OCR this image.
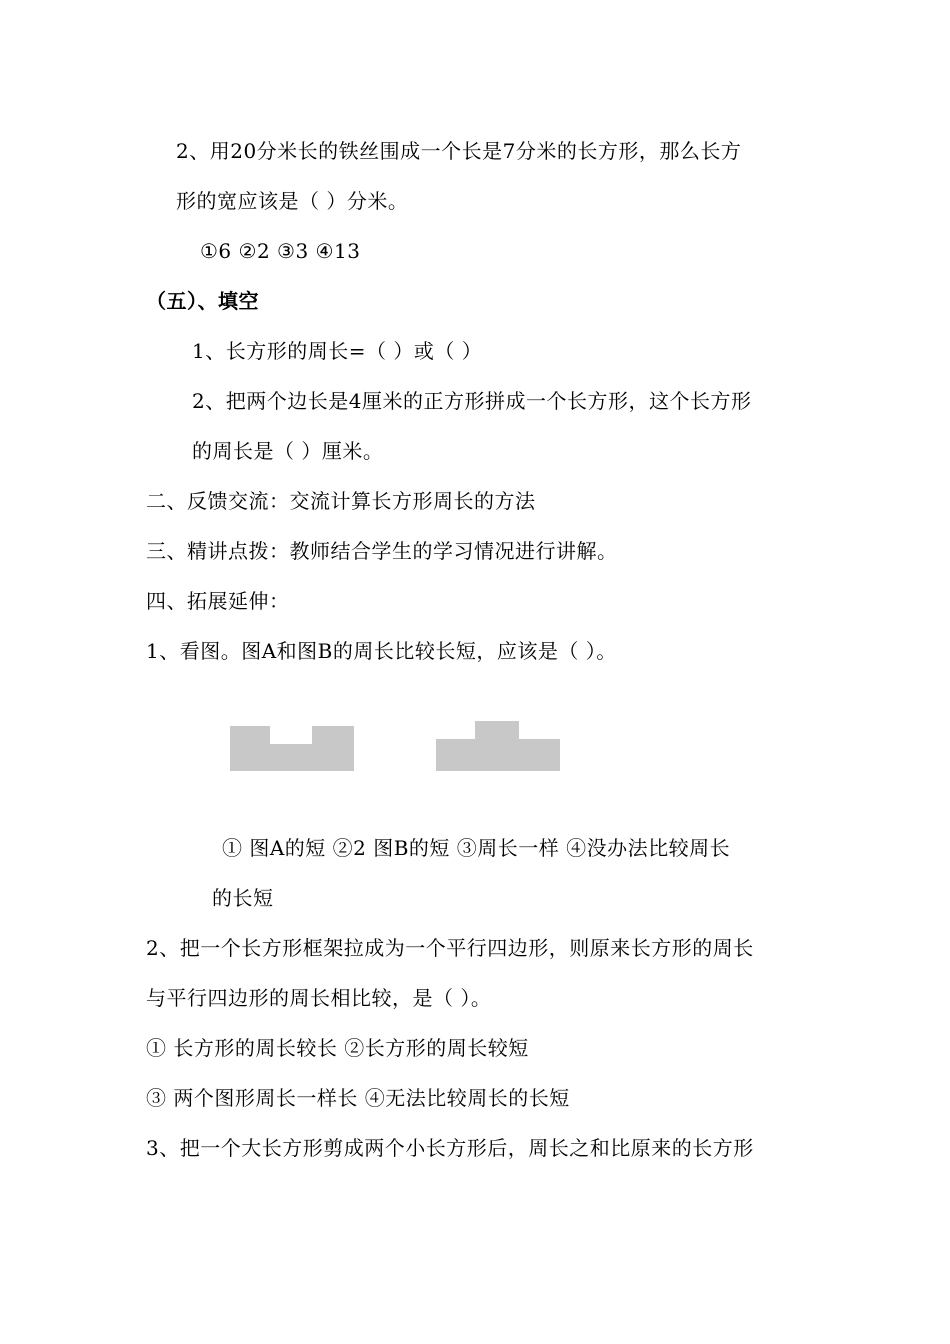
2、用20分米长的铁丝围成一个长是7分米的长方形，那么长方
形的宽应该是（ ）分米。
①6 ②2 ③3 ④13
（五）、填空
1、长方形的周长=（ ）或（ ）
2、把两个边长是4厘米的正方形拼成一个长方形，这个长方形
的周长是（ ）厘米。
二、反馈交流：交流计算长方形周长的方法
三、精讲点拨：教师结合学生的学习情况进行讲解。
四、拓展延伸：
1、看图。图A和图B的周长比较长短，应该是（ ）。
① 图A的短 ②2 图B的短 ③周长一样 ④没办法比较周长
的长短
2、把一个长方形框架拉成为一个平行四边形，则原来长方形的周长
与平行四边形的周长相比较，是（ ）。
① 长方形的周长较长 ②长方形的周长较短
③ 两个图形周长一样长 ④无法比较周长的长短
3、把一个大长方形剪成两个小长方形后，周长之和比原来的长方形
